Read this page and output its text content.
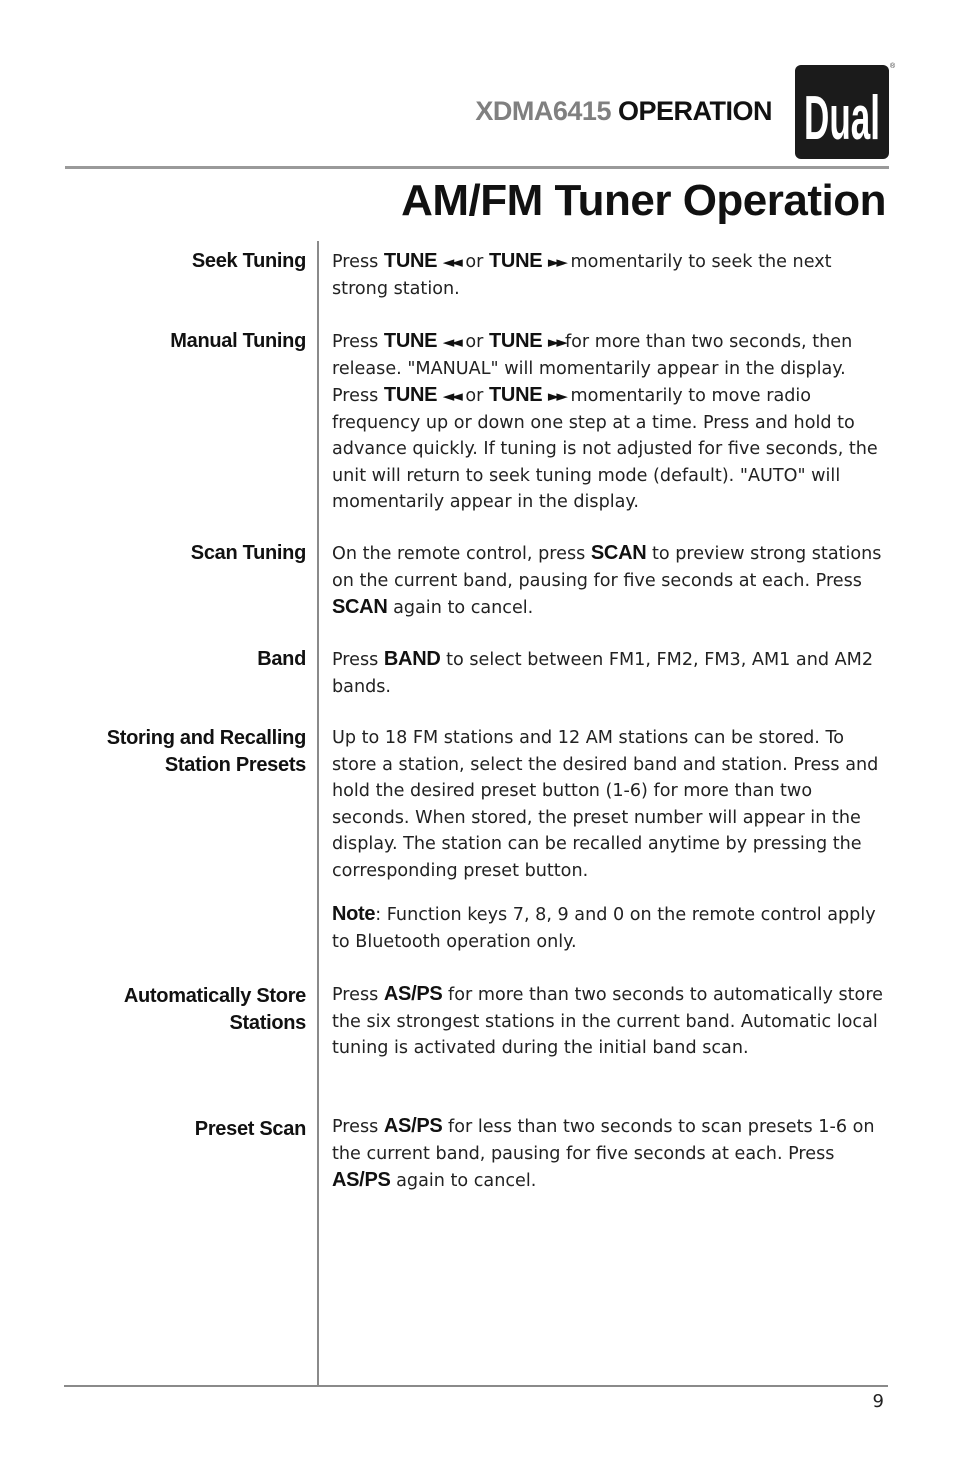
XDMA6415 OPERATION Dual
®
AM/FM Tuner Operation
Seek Tuning Press TUNE ◄◄ or TUNE ►► momentarily to seek the next strong station.
Manual Tuning Press TUNE ◄◄ or TUNE ►►for more than two seconds, then release. "MANUAL" will momentarily appear in the display. Press TUNE ◄◄ or TUNE ►► momentarily to move radio frequency up or down one step at a time. Press and hold to advance quickly. If tuning is not adjusted for five seconds, the unit will return to seek tuning mode (default). "AUTO" will momentarily appear in the display.
Scan Tuning On the remote control, press SCAN to preview strong stations on the current band, pausing for five seconds at each. Press SCAN again to cancel.
Band Press BAND to select between FM1, FM2, FM3, AM1 and AM2 bands.
Storing and Recalling
Station Presets
Up to 18 FM stations and 12 AM stations can be stored. To store a station, select the desired band and station. Press and hold the desired preset button (1-6) for more than two seconds. When stored, the preset number will appear in the display. The station can be recalled anytime by pressing the corresponding preset button.
Note: Function keys 7, 8, 9 and 0 on the remote control apply to Bluetooth operation only.
Automatically Store
Stations
Press AS/PS for more than two seconds to automatically store the six strongest stations in the current band. Automatic local tuning is activated during the initial band scan.
Preset Scan Press AS/PS for less than two seconds to scan presets 1-6 on the current band, pausing for five seconds at each. Press AS/PS again to cancel.
9
